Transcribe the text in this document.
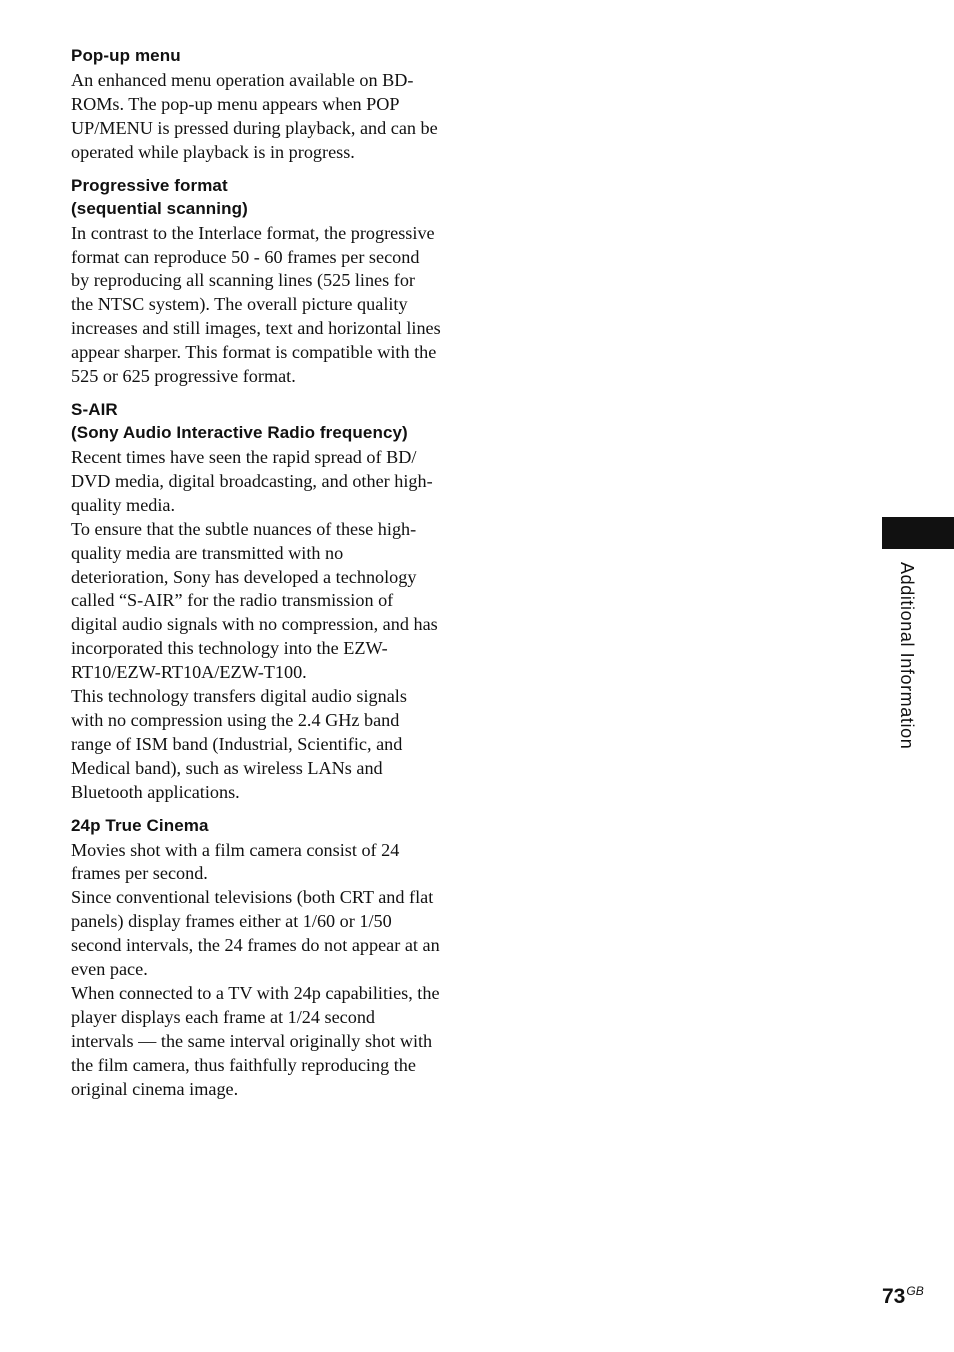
Pop-up menu

An enhanced menu operation available on BD-ROMs. The pop-up menu appears when POP UP/MENU is pressed during playback, and can be operated while playback is in progress.

Progressive format
(sequential scanning)

In contrast to the Interlace format, the progressive format can reproduce 50 - 60 frames per second by reproducing all scanning lines (525 lines for the NTSC system). The overall picture quality increases and still images, text and horizontal lines appear sharper. This format is compatible with the 525 or 625 progressive format.

S-AIR
(Sony Audio Interactive Radio frequency)

Recent times have seen the rapid spread of BD/ DVD media, digital broadcasting, and other high-quality media.

To ensure that the subtle nuances of these high-quality media are transmitted with no deterioration, Sony has developed a technology called “S-AIR” for the radio transmission of digital audio signals with no compression, and has incorporated this technology into the EZW-RT10/EZW-RT10A/EZW-T100.

This technology transfers digital audio signals with no compression using the 2.4 GHz band range of ISM band (Industrial, Scientific, and Medical band), such as wireless LANs and Bluetooth applications.

24p True Cinema

Movies shot with a film camera consist of 24 frames per second.

Since conventional televisions (both CRT and flat panels) display frames either at 1/60 or 1/50 second intervals, the 24 frames do not appear at an even pace.

When connected to a TV with 24p capabilities, the player displays each frame at 1/24 second intervals — the same interval originally shot with the film camera, thus faithfully reproducing the original cinema image.

Additional Information
$73^{GB}$
